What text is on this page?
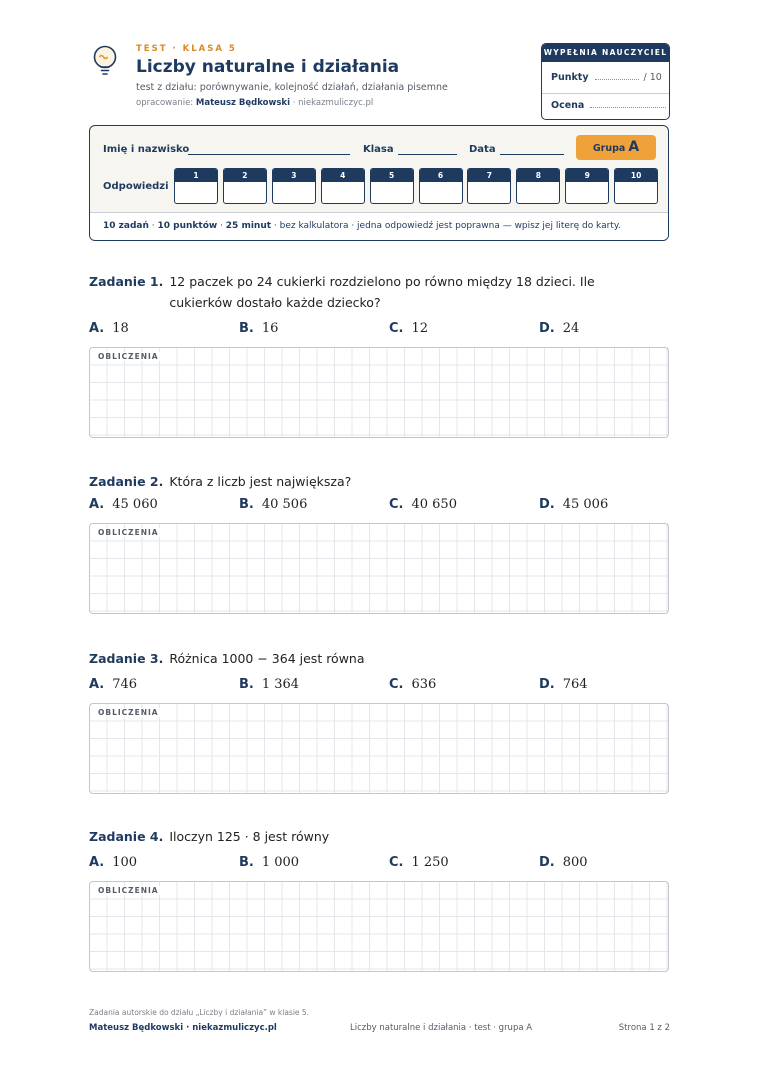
TEST · KLASA 5
Liczby naturalne i działania
test z działu: porównywanie, kolejność działań, działania pisemne
opracowanie: Mateusz Będkowski · niekazmuliczyc.pl
WYPEŁNIA NAUCZYCIEL
Punkty	/ 10
Ocena
Imię i nazwisko	Klasa	Data	Grupa A
Odpowiedzi
1	2	3	4	5	6	7	8	9	10
10 zadań · 10 punktów · 25 minut · bez kalkulatora · jedna odpowiedź jest poprawna — wpisz jej literę do karty.
Zadanie 1. 12 paczek po 24 cukierki rozdzielono po równo między 18 dzieci. Ile cukierków dostało każde dziecko?
A. 18	B. 16	C. 12	D. 24
OBLICZENIA
Zadanie 2. Która z liczb jest największa?
A. 45 060	B. 40 506	C. 40 650	D. 45 006
OBLICZENIA
Zadanie 3. Różnica 1000 − 364 jest równa
A. 746	B. 1 364	C. 636	D. 764
OBLICZENIA
Zadanie 4. Iloczyn 125 · 8 jest równy
A. 100	B. 1 000	C. 1 250	D. 800
OBLICZENIA
Zadania autorskie do działu „Liczby i działania” w klasie 5.
Mateusz Będkowski · niekazmuliczyc.pl	Liczby naturalne i działania · test · grupa A	Strona 1 z 2
